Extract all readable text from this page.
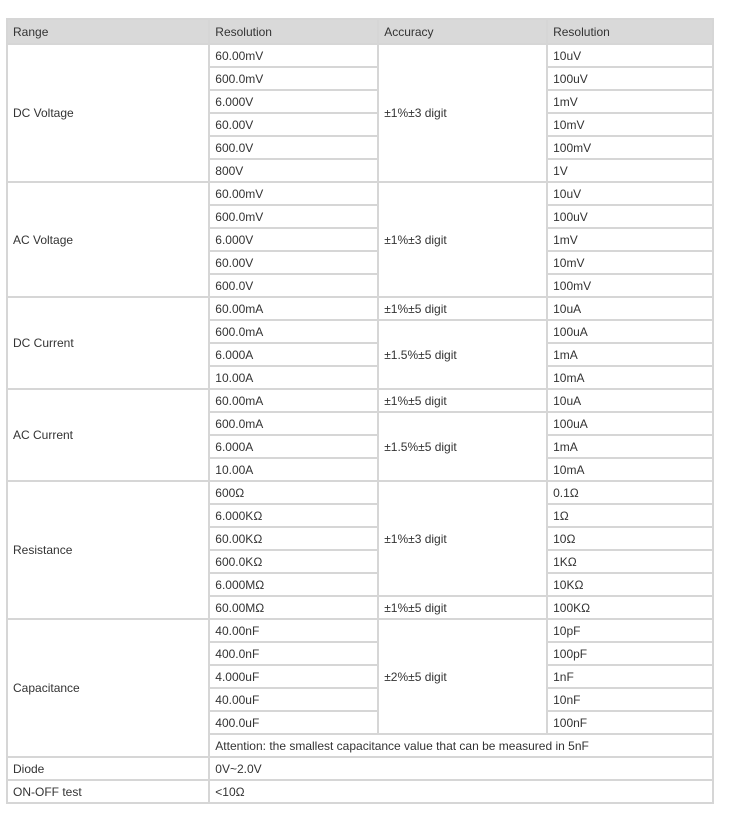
Range	Resolution	Accuracy	Resolution
DC Voltage	60.00mV	±1%±3 digit	10uV
	600.0mV		100uV
	6.000V		1mV
	60.00V		10mV
	600.0V		100mV
	800V		1V
AC Voltage	60.00mV	±1%±3 digit	10uV
	600.0mV		100uV
	6.000V		1mV
	60.00V		10mV
	600.0V		100mV
DC Current	60.00mA	±1%±5 digit	10uA
	600.0mA	±1.5%±5 digit	100uA
	6.000A		1mA
	10.00A		10mA
AC Current	60.00mA	±1%±5 digit	10uA
	600.0mA	±1.5%±5 digit	100uA
	6.000A		1mA
	10.00A		10mA
Resistance	600Ω	±1%±3 digit	0.1Ω
	6.000KΩ		1Ω
	60.00KΩ		10Ω
	600.0KΩ		1KΩ
	6.000MΩ		10KΩ
	60.00MΩ	±1%±5 digit	100KΩ
Capacitance	40.00nF	±2%±5 digit	10pF
	400.0nF		100pF
	4.000uF		1nF
	40.00uF		10nF
	400.0uF		100nF
	Attention: the smallest capacitance value that can be measured in 5nF		
Diode	0V~2.0V		
ON-OFF test	<10Ω		
